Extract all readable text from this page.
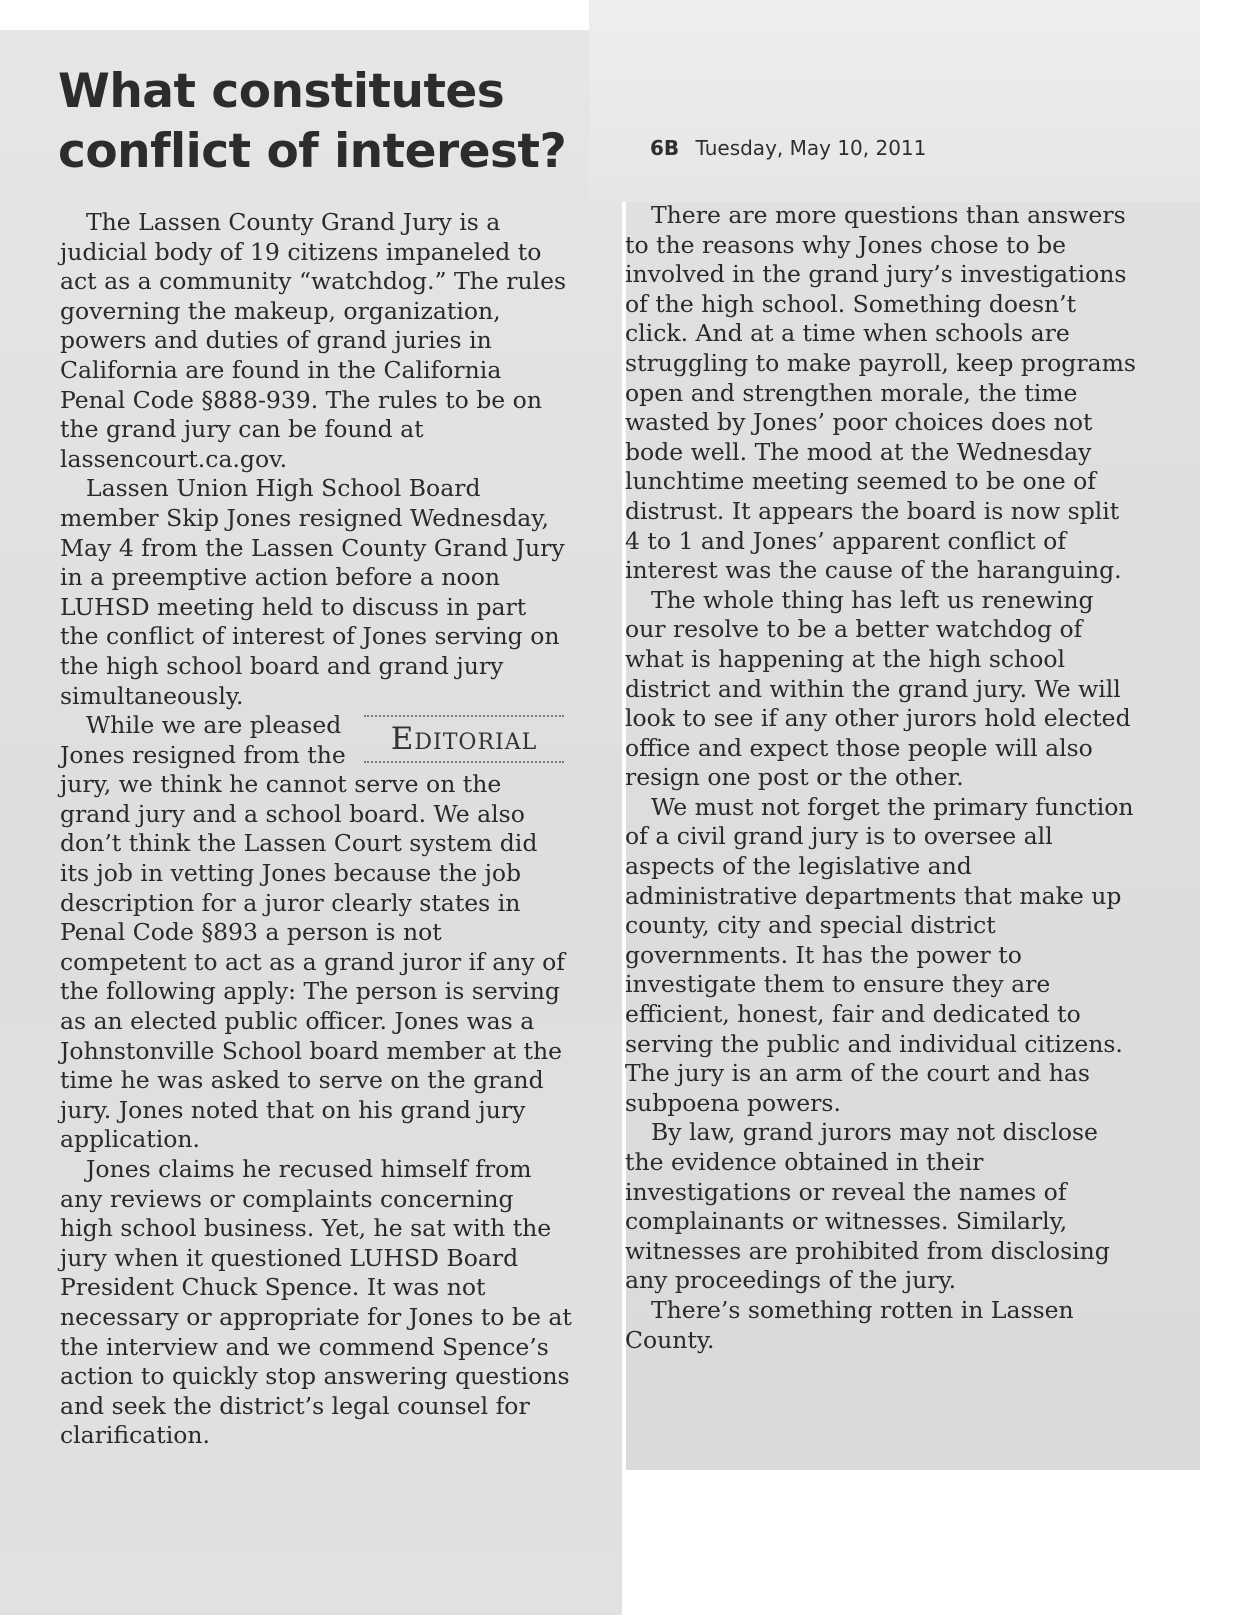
What constitutes conflict of interest?	6B Tuesday, May 10, 2011

The Lassen County Grand Jury is a judicial body of 19 citizens impaneled to act as a community “watchdog.” The rules governing the makeup, organization, powers and duties of grand juries in California are found in the California Penal Code §888-939. The rules to be on the grand jury can be found at lassencourt.ca.gov.

Lassen Union High School Board member Skip Jones resigned Wednesday, May 4 from the Lassen County Grand Jury in a preemptive action before a noon LUHSD meeting held to discuss in part the conflict of interest of Jones serving on the high school board and grand jury simultaneously.

Editorial

While we are pleased Jones resigned from the jury, we think he cannot serve on the grand jury and a school board. We also don’t think the Lassen Court system did its job in vetting Jones because the job description for a juror clearly states in Penal Code §893 a person is not competent to act as a grand juror if any of the following apply: The person is serving as an elected public officer. Jones was a Johnstonville School board member at the time he was asked to serve on the grand jury. Jones noted that on his grand jury application.

Jones claims he recused himself from any reviews or complaints concerning high school business. Yet, he sat with the jury when it questioned LUHSD Board President Chuck Spence. It was not necessary or appropriate for Jones to be at the interview and we commend Spence’s action to quickly stop answering questions and seek the district’s legal counsel for clarification.

There are more questions than answers to the reasons why Jones chose to be involved in the grand jury’s investigations of the high school. Something doesn’t click. And at a time when schools are struggling to make payroll, keep programs open and strengthen morale, the time wasted by Jones’ poor choices does not bode well. The mood at the Wednesday lunchtime meeting seemed to be one of distrust. It appears the board is now split 4 to 1 and Jones’ apparent conflict of interest was the cause of the haranguing.

The whole thing has left us renewing our resolve to be a better watchdog of what is happening at the high school district and within the grand jury. We will look to see if any other jurors hold elected office and expect those people will also resign one post or the other.

We must not forget the primary function of a civil grand jury is to oversee all aspects of the legislative and administrative departments that make up county, city and special district governments. It has the power to investigate them to ensure they are efficient, honest, fair and dedicated to serving the public and individual citizens. The jury is an arm of the court and has subpoena powers.

By law, grand jurors may not disclose the evidence obtained in their investigations or reveal the names of complainants or witnesses. Similarly, witnesses are prohibited from disclosing any proceedings of the jury.

There’s something rotten in Lassen County.
